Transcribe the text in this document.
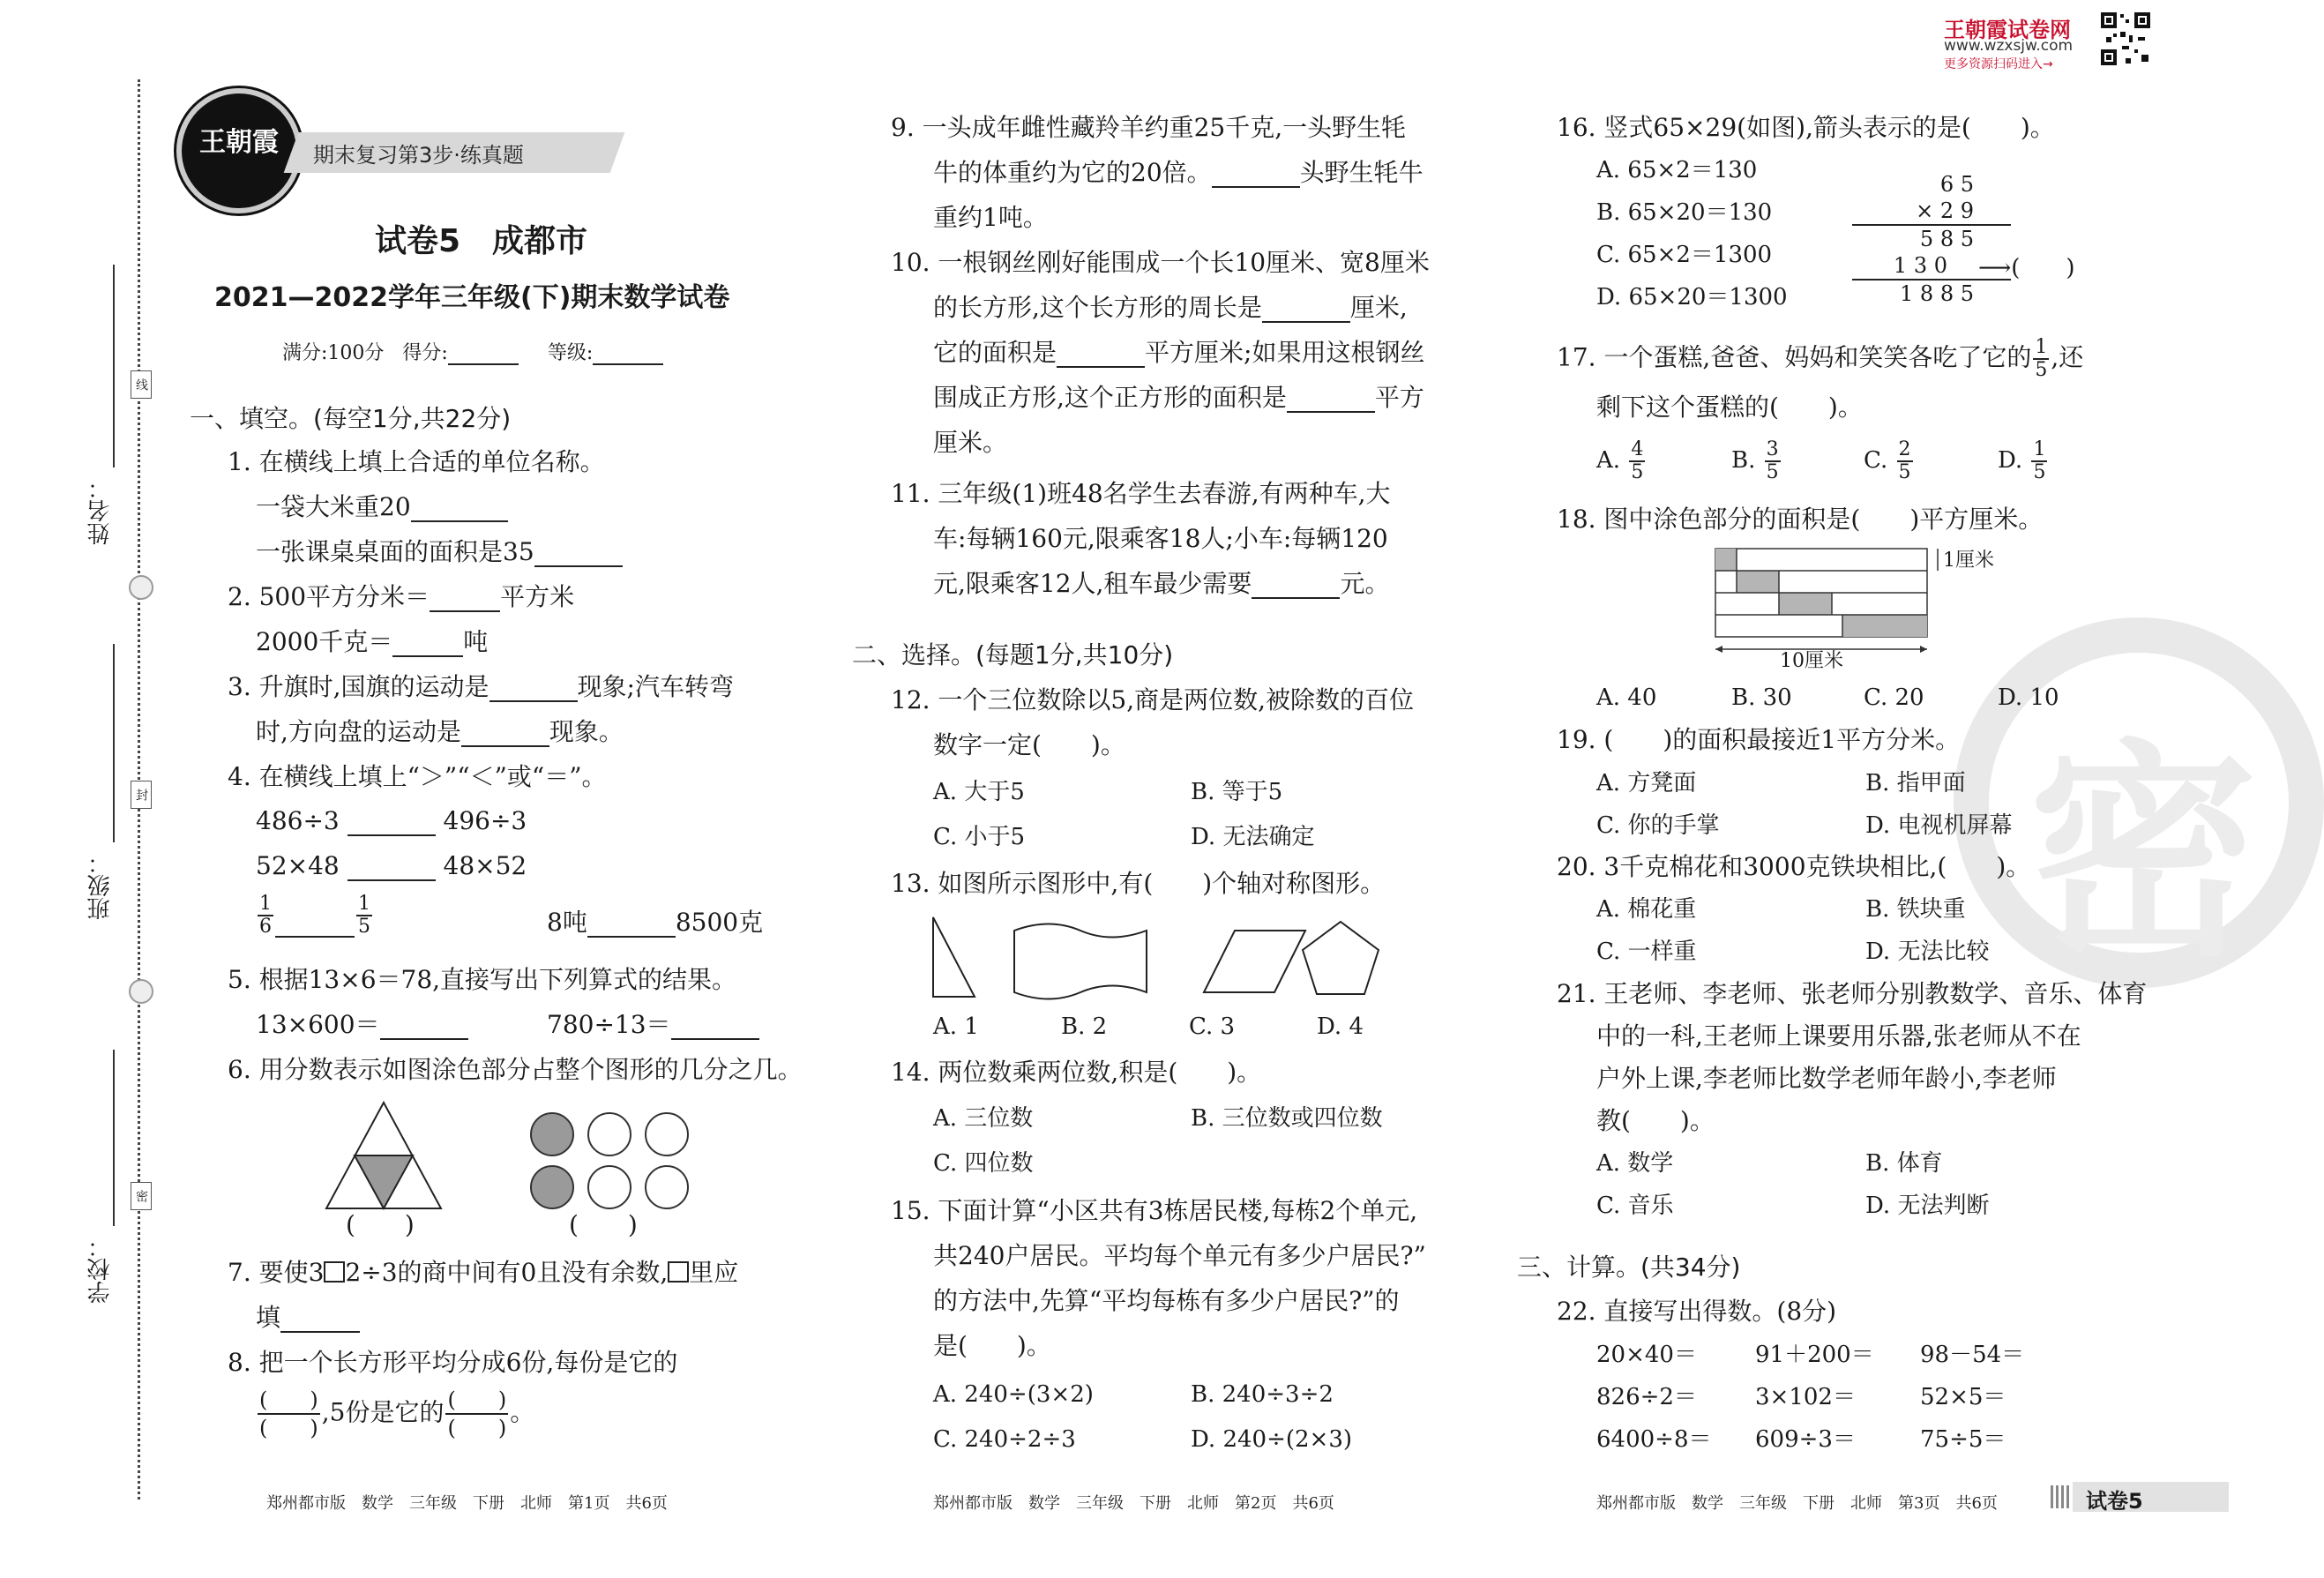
姓名：
班级：
学校：
线
封
密
王朝霞	期末复习第3步·练真题
王朝霞试卷网
www.wzxsjw.com
更多资源扫码进入→
密
试卷5　成都市
2021—2022学年三年级(下)期末数学试卷
满分:100分 得分:	等级:
一、填空。(每空1分,共22分)
1. 在横线上填上合适的单位名称。
一袋大米重20
一张课桌桌面的面积是35
2. 500平方分米＝	平方米
2000千克＝	吨
3. 升旗时,国旗的运动是	现象;汽车转弯
时,方向盘的运动是	现象。
4. 在横线上填上“＞”“＜”或“＝”。
486÷3	496÷3
52×48	48×52
$\frac{1}{6}$	$\frac{1}{5}$	8吨	8500克
5. 根据13×6＝78,直接写出下列算式的结果。
13×600＝	780÷13＝
6. 用分数表示如图涂色部分占整个图形的几分之几。
(　　)	(　　)
7. 要使3 2÷3的商中间有0且没有余数, 里应
填
8. 把一个长方形平均分成6份,每份是它的
$\frac{( )}{( )} ,5$份是它的 $\frac{( )}{( )}$ 。
9. 一头成年雌性藏羚羊约重25千克,一头野生牦
牛的体重约为它的20倍。	头野生牦牛
重约1吨。
10. 一根钢丝刚好能围成一个长10厘米、宽8厘米
的长方形,这个长方形的周长是	厘米,
它的面积是	平方厘米;如果用这根钢丝
围成正方形,这个正方形的面积是	平方
厘米。
11. 三年级(1)班48名学生去春游,有两种车,大
车:每辆160元,限乘客18人;小车:每辆120
元,限乘客12人,租车最少需要	元。
二、选择。(每题1分,共10分)
12. 一个三位数除以5,商是两位数,被除数的百位
数字一定(　　)。
A. 大于5	B. 等于5
C. 小于5	D. 无法确定
13. 如图所示图形中,有(　　)个轴对称图形。
A. 1	B. 2	C. 3	D. 4
14. 两位数乘两位数,积是(　　)。
A. 三位数	B. 三位数或四位数
C. 四位数
15. 下面计算“小区共有3栋居民楼,每栋2个单元,
共240户居民。平均每个单元有多少户居民?”
的方法中,先算“平均每栋有多少户居民?”的
是(　　)。
A. 240÷(3×2)	B. 240÷3÷2
C. 240÷2÷3	D. 240÷(2×3)
16. 竖式65×29(如图),箭头表示的是(　　)。
A. 65×2＝130
B. 65×20＝130
C. 65×2＝1300
D. 65×20＝1300
6 5
× 2 9
5 8 5
1 3 0
1 8 8 5
⟶(　　)
17. 一个蛋糕,爸爸、妈妈和笑笑各吃了它的 $\frac{1}{5}$ ,还
剩下这个蛋糕的(　　)。
A. $\frac{4}{5}$	B. $\frac{3}{5}$	C. $\frac{2}{5}$	D. $\frac{1}{5}$
18. 图中涂色部分的面积是(　　)平方厘米。
1厘米
10厘米
A. 40	B. 30	C. 20	D. 10
19. (　　)的面积最接近1平方分米。
A. 方凳面	B. 指甲面
C. 你的手掌	D. 电视机屏幕
20. 3千克棉花和3000克铁块相比,(　　)。
A. 棉花重	B. 铁块重
C. 一样重	D. 无法比较
21. 王老师、李老师、张老师分别教数学、音乐、体育
中的一科,王老师上课要用乐器,张老师从不在
户外上课,李老师比数学老师年龄小,李老师
教(　　)。
A. 数学	B. 体育
C. 音乐	D. 无法判断
三、计算。(共34分)
22. 直接写出得数。(8分)
20×40＝	91＋200＝ 98－54＝
826÷2＝	3×102＝	52×5＝
6400÷8＝ 609÷3＝	75÷5＝
郑州都市版　数学　三年级　下册　北师　第1页　共6页	郑州都市版　数学　三年级　下册　北师　第2页　共6页	郑州都市版　数学　三年级　下册　北师　第3页　共6页	试卷5
